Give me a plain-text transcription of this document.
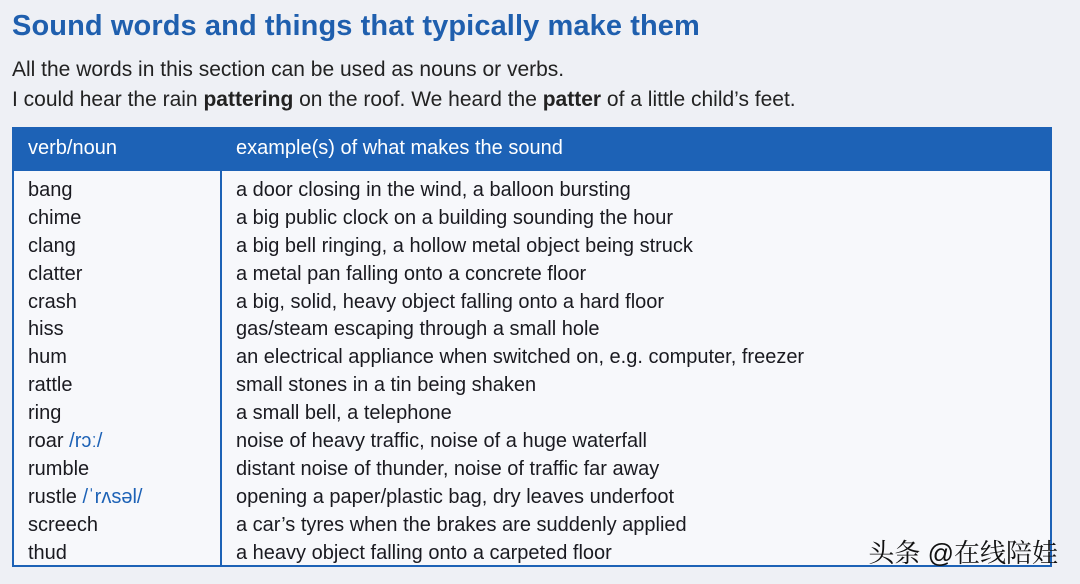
Sound words and things that typically make them
All the words in this section can be used as nouns or verbs.
I could hear the rain pattering on the roof. We heard the patter of a little child’s feet.
verb/noun	example(s) of what makes the sound
bang	a door closing in the wind, a balloon bursting
chime	a big public clock on a building sounding the hour
clang	a big bell ringing, a hollow metal object being struck
clatter	a metal pan falling onto a concrete floor
crash	a big, solid, heavy object falling onto a hard floor
hiss	gas/steam escaping through a small hole
hum	an electrical appliance when switched on, e.g. computer, freezer
rattle	small stones in a tin being shaken
ring	a small bell, a telephone
roar /rɔː/	noise of heavy traffic, noise of a huge waterfall
rumble	distant noise of thunder, noise of traffic far away
rustle /ˈrʌsəl/	opening a paper/plastic bag, dry leaves underfoot
screech	a car’s tyres when the brakes are suddenly applied
thud	a heavy object falling onto a carpeted floor	头条 @在线陪娃
